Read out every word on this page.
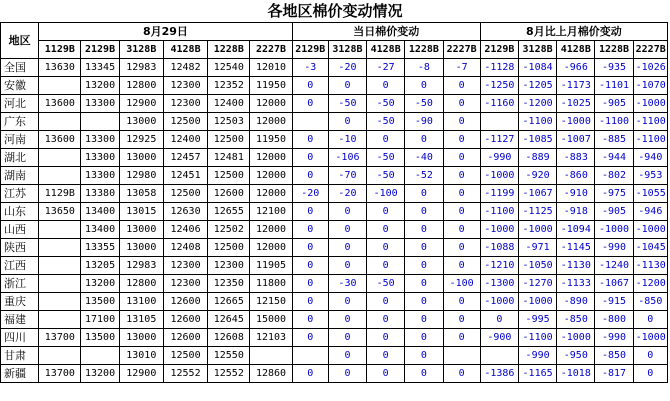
各地区棉价变动情况
地区	8月29日						当日棉价变动					8月比上月棉价变动				
	1129B	2129B	3128B	4128B	1228B	2227B	2129B	3128B	4128B	1228B	2227B	2129B	3128B	4128B	1228B	2227B
全国	13630	13345	12983	12482	12540	12010	-3	-20	-27	-8	-7	-1128	-1084	-966	-935	-1026
安徽		13200	12800	12300	12352	11950	0	0	0	0	0	-1250	-1205	-1173	-1101	-1070
河北	13600	13300	12900	12300	12400	12000	0	-50	-50	-50	0	-1160	-1200	-1025	-905	-1000
广东			13000	12500	12503	12000		0	-50	-90	0		-1100	-1000	-1100	-1100
河南	13600	13300	12925	12400	12500	11950	0	-10	0	0	0	-1127	-1085	-1007	-885	-1100
湖北		13300	13000	12457	12481	12000	0	-106	-50	-40	0	-990	-889	-883	-944	-940
湖南		13300	12980	12451	12500	12000	0	-70	-50	-52	0	-1000	-920	-860	-802	-953
江苏	1129B	13380	13058	12500	12600	12000	-20	-20	-100	0	0	-1199	-1067	-910	-975	-1055
山东	13650	13400	13015	12630	12655	12100	0	0	0	0	0	-1100	-1125	-918	-905	-946
山西		13400	13000	12406	12502	12000	0	0	0	0	0	-1000	-1000	-1094	-1000	-1000
陕西		13355	13000	12408	12500	12000	0	0	0	0	0	-1088	-971	-1145	-990	-1045
江西		13205	12983	12300	12300	11905	0	0	0	0	0	-1210	-1050	-1130	-1240	-1130
浙江		13200	12800	12300	12350	11800	0	-30	-50	0	-100	-1300	-1270	-1133	-1067	-1200
重庆		13500	13100	12600	12665	12150	0	0	0	0	0	-1000	-1000	-890	-915	-850
福建		17100	13105	12600	12645	15000	0	0	0	0	0	0	-995	-850	-800	0
四川	13700	13500	13000	12600	12608	12103	0	0	0	0	0	-900	-1100	-1000	-990	-1000
甘肃			13010	12500	12550			0	0	0			-990	-950	-850	0
新疆	13700	13200	12900	12552	12552	12860	0	0	0	0	0	-1386	-1165	-1018	-817	0
